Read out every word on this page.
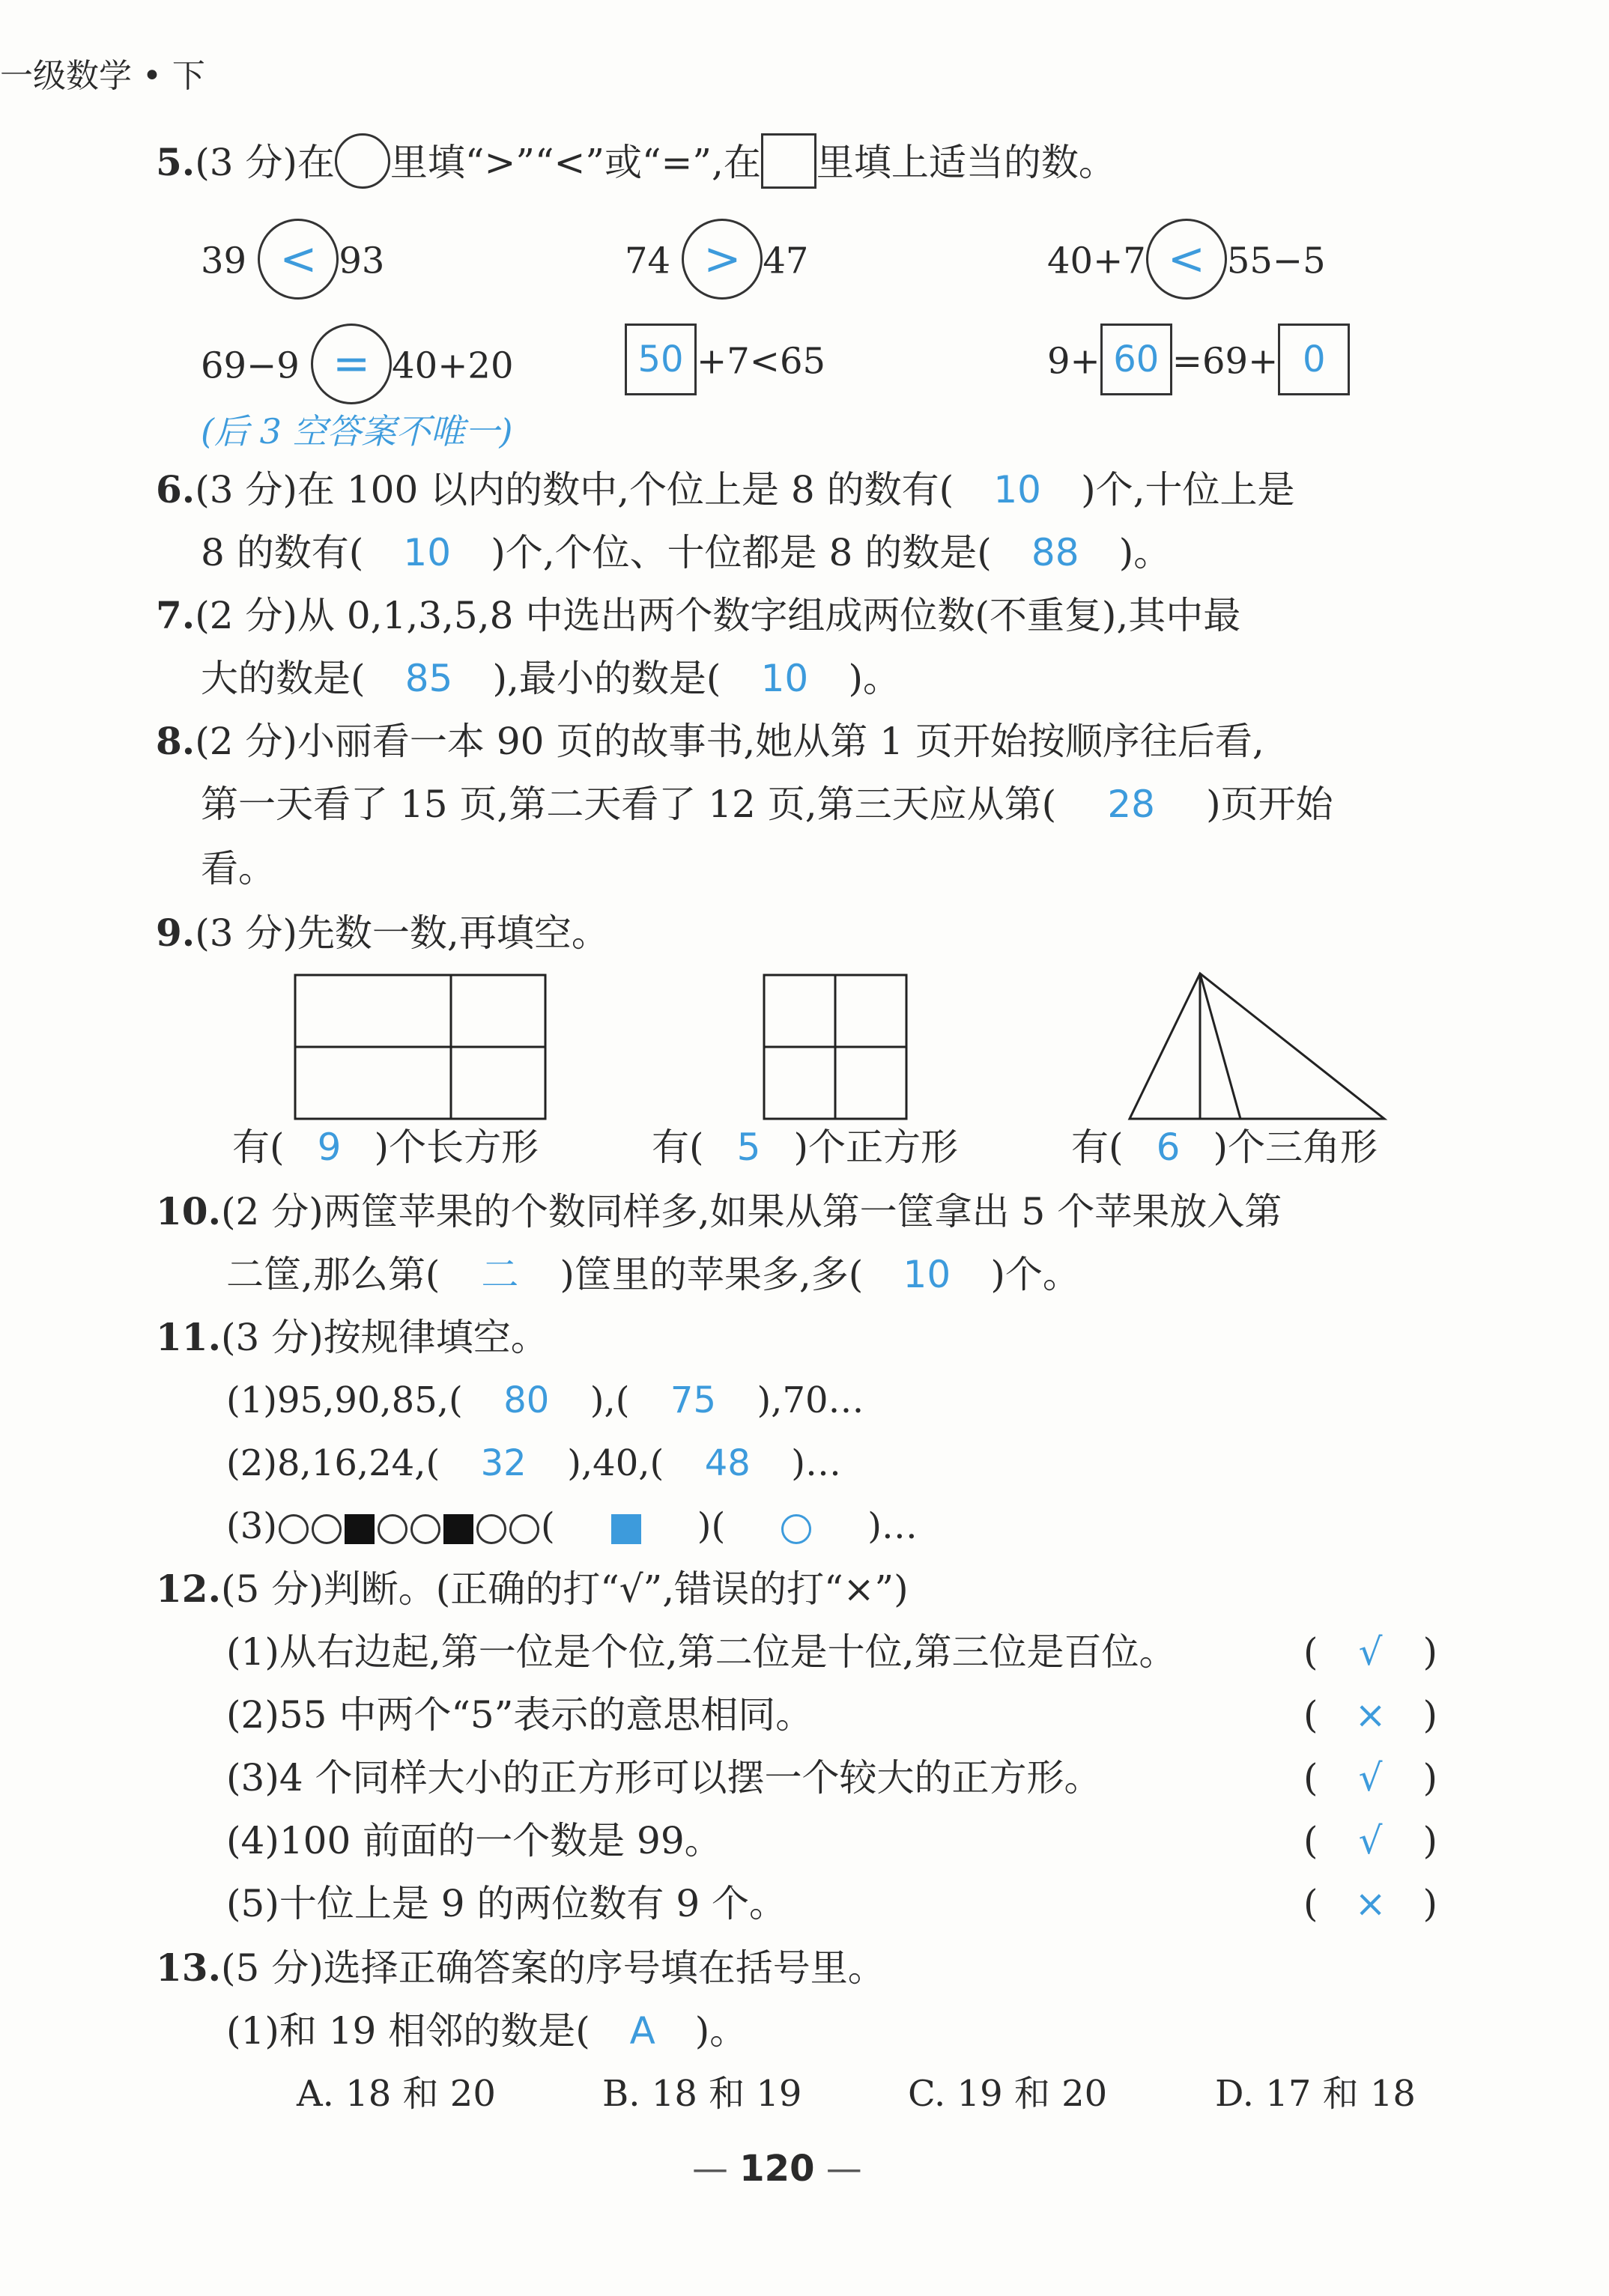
一级数学 • 下
5.(3 分)在 里填“>”“<”或“=”,在 里填上适当的数。
39 < 93	74 > 47	40+7 < 55−5
69−9 = 40+20	50 +7<65	9+ 60 =69+ 0
(后 3 空答案不唯一)
6.(3 分)在 100 以内的数中,个位上是 8 的数有( 10 )个,十位上是
8 的数有( 10 )个,个位、十位都是 8 的数是( 88 )。
7.(2 分)从 0,1,3,5,8 中选出两个数字组成两位数(不重复),其中最
大的数是( 85 ),最小的数是( 10 )。
8.(2 分)小丽看一本 90 页的故事书,她从第 1 页开始按顺序往后看,
第一天看了 15 页,第二天看了 12 页,第三天应从第( 28 )页开始
看。
9.(3 分)先数一数,再填空。
有( 9 )个长方形	有( 5 )个正方形	有( 6 )个三角形
10.(2 分)两筐苹果的个数同样多,如果从第一筐拿出 5 个苹果放入第
二筐,那么第( 二 )筐里的苹果多,多( 10 )个。
11.(3 分)按规律填空。
(1)95,90,85,( 80 ),( 75 ),70…
(2)8,16,24,( 32 ),40,( 48 )…
(3)	(	)(	)…
12.(5 分)判断。(正确的打“√”,错误的打“×”)
(1)从右边起,第一位是个位,第二位是十位,第三位是百位。	( √ )
(2)55 中两个“5”表示的意思相同。	( × )
(3)4 个同样大小的正方形可以摆一个较大的正方形。	( √ )
(4)100 前面的一个数是 99。	( √ )
(5)十位上是 9 的两位数有 9 个。	( × )
13.(5 分)选择正确答案的序号填在括号里。
(1)和 19 相邻的数是( A )。
A. 18 和 20	B. 18 和 19	C. 19 和 20	D. 17 和 18
— 120 —
